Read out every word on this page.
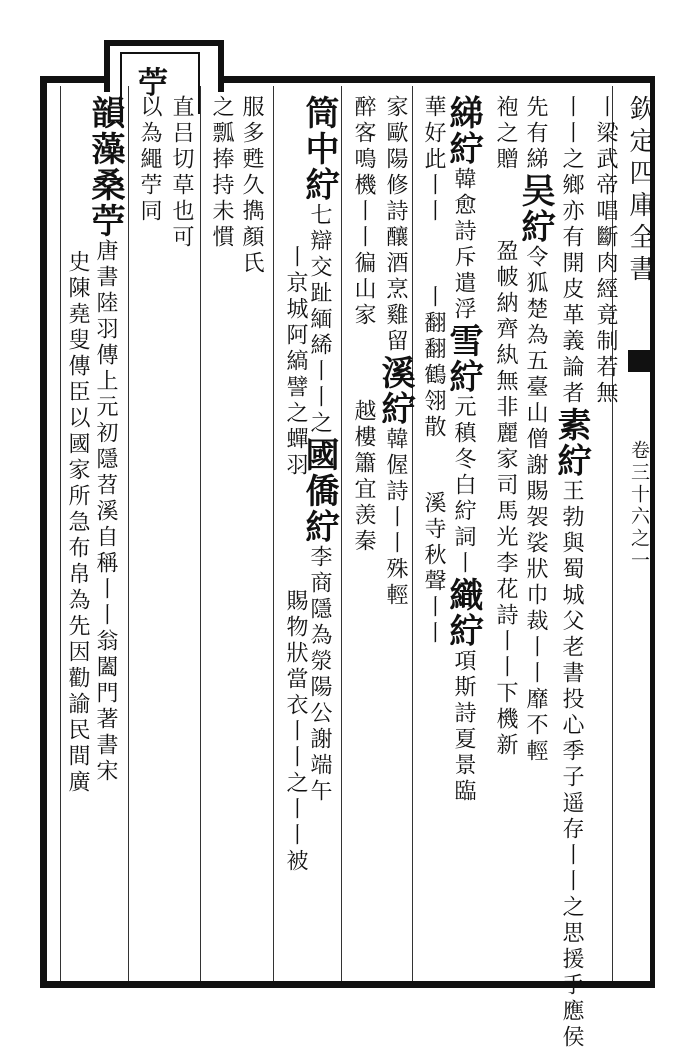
苧
欽定四庫全書
卷三十六之一
丨梁武帝唱斷肉經竟制若無
丨丨之鄉亦有開皮革義論者素紵王勃與蜀城父老書投心季子遥存丨丨之思援手應侯
先有綈吴紵令狐楚為五臺山僧謝賜袈裟狀巾裁丨丨靡不輕
袍之贈盈帔納齊紈無非麗家司馬光李花詩丨丨下機新
綈紵韓愈詩斥遣浮雪紵元稹冬白紵詞丨織紵項斯詩夏景臨
華好此丨丨丨翻翻鶴翎散溪寺秋聲丨丨
家歐陽修詩釀酒烹雞留溪紵韓偓詩丨丨殊輕
醉客鳴機丨丨徧山家越樓簫宜羡秦
筒中紵七辯交趾緬絺丨丨之國僑紵李商隱為滎陽公謝端午
丨京城阿縞譬之蟬羽賜物狀當衣丨丨之丨丨被
服多甦久擕顏氏
之瓢捧持未慣
直吕切草也可
以為繩苧同
韻藻桑苧唐書陸羽傳上元初隱苕溪自稱丨丨翁闔門著書宋
史陳堯叟傳臣以國家所急布帛為先因勸諭民間廣
